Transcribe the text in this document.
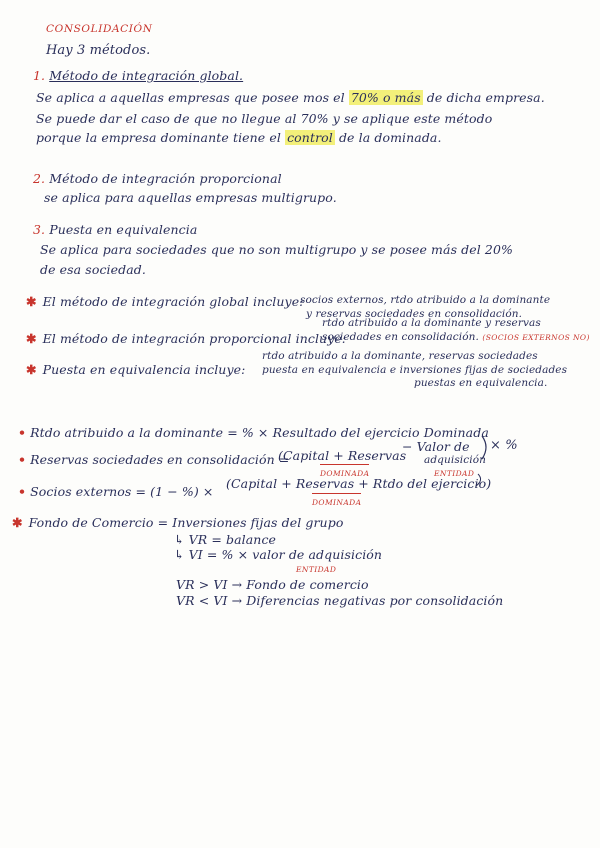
CONSOLIDACIÓN
Hay 3 métodos.
1. Método de integración global.
Se aplica a aquellas empresas que posee mos el 70% o más de dicha empresa.
Se puede dar el caso de que no llegue al 70% y se aplique este método
porque la empresa dominante tiene el control de la dominada.
2. Método de integración proporcional
se aplica para aquellas empresas multigrupo.
3. Puesta en equivalencia
Se aplica para sociedades que no son multigrupo y se posee más del 20%
de esa sociedad.
✱ El método de integración global incluye:
socios externos, rtdo atribuido a la dominante
y reservas sociedades en consolidación.
✱ El método de integración proporcional incluye:
rtdo atribuido a la dominante y reservas
sociedades en consolidación. (SOCIOS EXTERNOS NO)
✱ Puesta en equivalencia incluye:
rtdo atribuido a la dominante, reservas sociedades
puesta en equivalencia e inversiones fijas de sociedades
puestas en equivalencia.
• Rtdo atribuido a la dominante = % × Resultado del ejercicio Dominada
• Reservas sociedades en consolidación =
(Capital + Reservas
DOMINADA
− Valor de
adquisición
ENTIDAD
× %
• Socios externos = (1 − %) ×
(Capital + Reservas + Rtdo del ejercicio)
DOMINADA
✱ Fondo de Comercio = Inversiones fijas del grupo
↳ VR = balance
↳ VI = % × valor de adquisición
ENTIDAD
VR > VI → Fondo de comercio
VR < VI → Diferencias negativas por consolidación
